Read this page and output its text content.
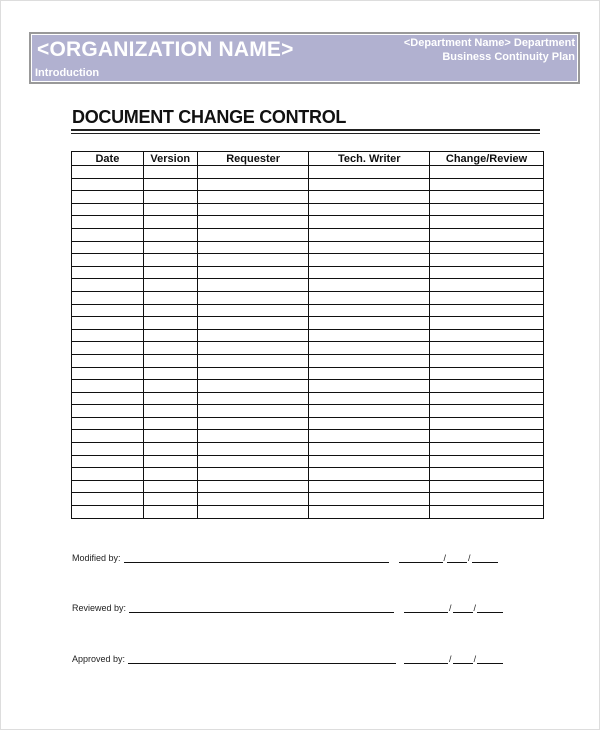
<ORGANIZATION NAME>
Introduction
<Department Name> Department
Business Continuity Plan
DOCUMENT CHANGE CONTROL
Date	Version	Requester	Tech. Writer	Change/Review

Modified by:	/ /
Reviewed by:	/ /
Approved by:	/ /
